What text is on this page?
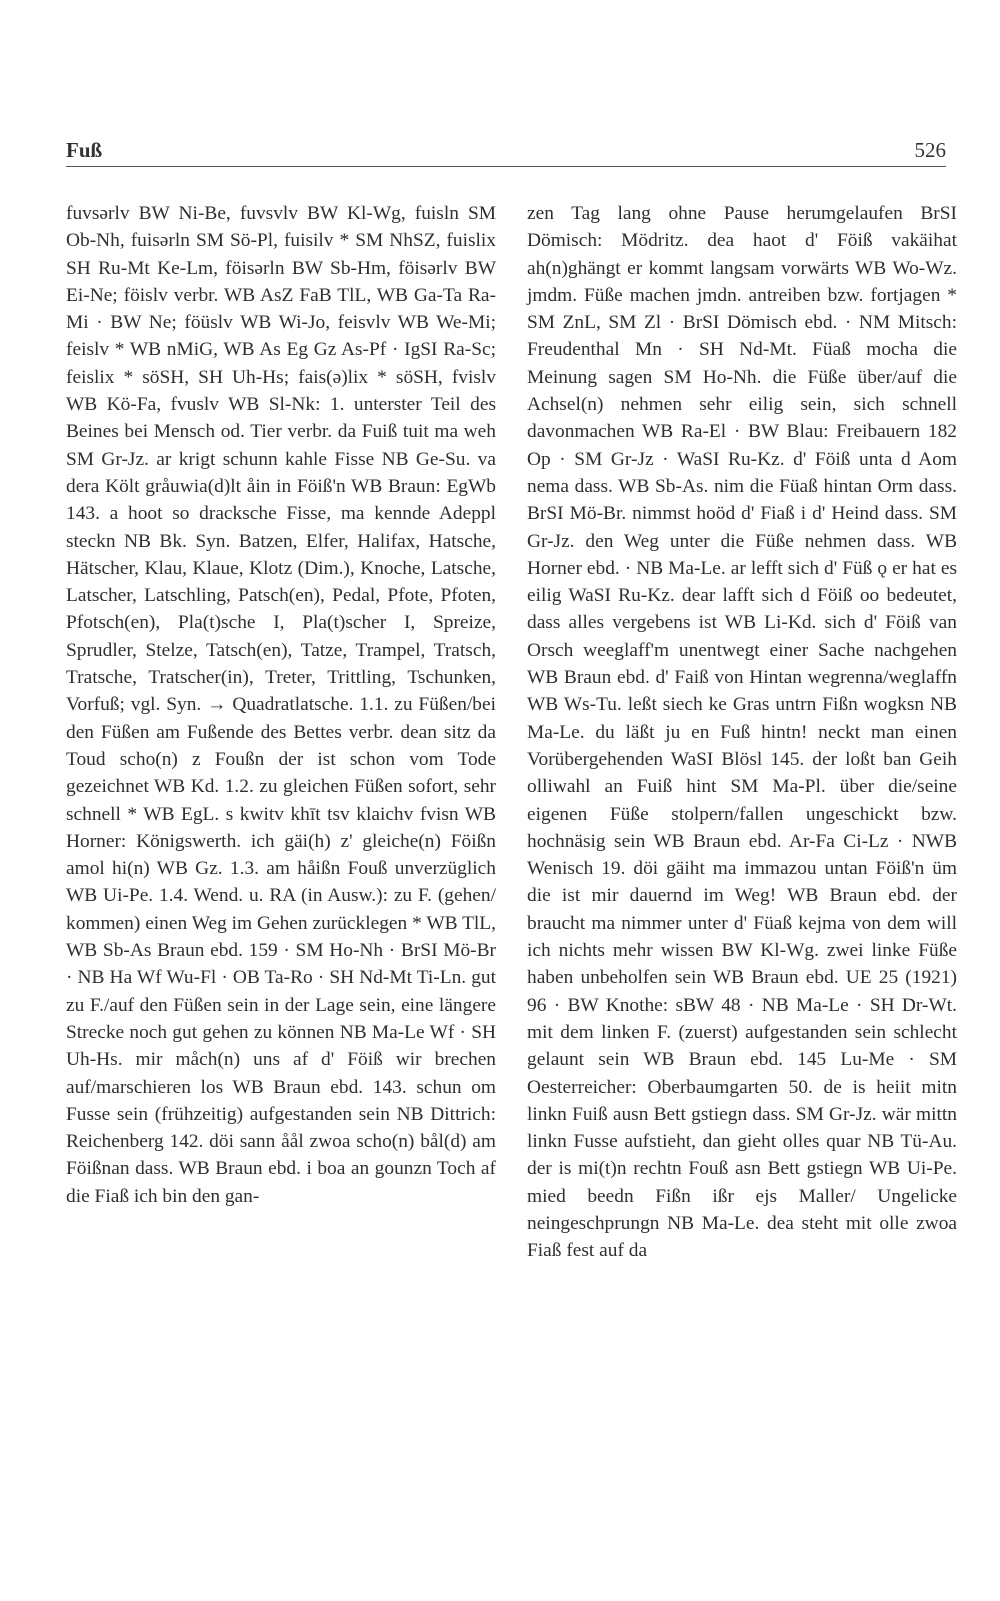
Fuß	526

fuvsərlv BW Ni-Be, fuvsvlv BW Kl-Wg, fuisln SM Ob-Nh, fuisərln SM Sö-Pl, fuisilv * SM NhSZ, fuislix SH Ru-Mt Ke-Lm, föisərln BW Sb-Hm, föisərlv BW Ei-Ne; föislv verbr. WB AsZ FaB TlL, WB Ga-Ta Ra-Mi · BW Ne; föüslv WB Wi-Jo, feisvlv WB We-Mi; feislv * WB nMiG, WB As Eg Gz As-Pf · IgSI Ra-Sc; feislix * söSH, SH Uh-Hs; fais(ə)lix * söSH, fvislv WB Kö-Fa, fvuslv WB Sl-Nk: 1. unterster Teil des Beines bei Mensch od. Tier verbr. da Fuiß tuit ma weh SM Gr-Jz. ar krigt schunn kahle Fisse NB Ge-Su. va dera Költ gråuwia(d)lt åin in Föiß'n WB Braun: EgWb 143. a hoot so dracksche Fisse, ma kennde Adeppl steckn NB Bk. Syn. Batzen, Elfer, Halifax, Hatsche, Hätscher, Klau, Klaue, Klotz (Dim.), Knoche, Latsche, Latscher, Latschling, Patsch(en), Pedal, Pfote, Pfoten, Pfotsch(en), Pla(t)sche I, Pla(t)scher I, Spreize, Sprudler, Stelze, Tatsch(en), Tatze, Trampel, Tratsch, Tratsche, Tratscher(in), Treter, Trittling, Tschunken, Vorfuß; vgl. Syn. → Quadratlatsche. 1.1. zu Füßen/bei den Füßen am Fußende des Bettes verbr. dean sitz da Toud scho(n) z Foußn der ist schon vom Tode gezeichnet WB Kd. 1.2. zu gleichen Füßen sofort, sehr schnell * WB EgL. s kwitv khīt tsv klaichv fvisn WB Horner: Königswerth. ich gäi(h) z' gleiche(n) Föißn amol hi(n) WB Gz. 1.3. am håißn Fouß unverzüglich WB Ui-Pe. 1.4. Wend. u. RA (in Ausw.): zu F. (gehen/ kommen) einen Weg im Gehen zurücklegen * WB TlL, WB Sb-As Braun ebd. 159 · SM Ho-Nh · BrSI Mö-Br · NB Ha Wf Wu-Fl · OB Ta-Ro · SH Nd-Mt Ti-Ln. gut zu F./auf den Füßen sein in der Lage sein, eine längere Strecke noch gut gehen zu können NB Ma-Le Wf · SH Uh-Hs. mir måch(n) uns af d' Föiß wir brechen auf/marschieren los WB Braun ebd. 143. schun om Fusse sein (frühzeitig) aufgestanden sein NB Dittrich: Reichenberg 142. döi sann åål zwoa scho(n) bål(d) am Föißnan dass. WB Braun ebd. i boa an gounzn Toch af die Fiaß ich bin den gan-

zen Tag lang ohne Pause herumgelaufen BrSI Dömisch: Mödritz. dea haot d' Föiß vakäihat ah(n)ghängt er kommt langsam vorwärts WB Wo-Wz. jmdm. Füße machen jmdn. antreiben bzw. fortjagen * SM ZnL, SM Zl · BrSI Dömisch ebd. · NM Mitsch: Freudenthal Mn · SH Nd-Mt. Füaß mocha die Meinung sagen SM Ho-Nh. die Füße über/auf die Achsel(n) nehmen sehr eilig sein, sich schnell davonmachen WB Ra-El · BW Blau: Freibauern 182 Op · SM Gr-Jz · WaSI Ru-Kz. d' Föiß unta d Aom nema dass. WB Sb-As. nim die Füaß hintan Orm dass. BrSI Mö-Br. nimmst hoöd d' Fiaß i d' Heind dass. SM Gr-Jz. den Weg unter die Füße nehmen dass. WB Horner ebd. · NB Ma-Le. ar lefft sich d' Füß ǫ er hat es eilig WaSI Ru-Kz. dear lafft sich d Föiß oo bedeutet, dass alles vergebens ist WB Li-Kd. sich d' Föiß van Orsch weeglaff'm unentwegt einer Sache nachgehen WB Braun ebd. d' Faiß von Hintan wegrenna/weglaffn WB Ws-Tu. leßt siech ke Gras untrn Fißn wogksn NB Ma-Le. du läßt ju en Fuß hintn! neckt man einen Vorübergehenden WaSI Blösl 145. der loßt ban Geih olliwahl an Fuiß hint SM Ma-Pl. über die/seine eigenen Füße stolpern/fallen ungeschickt bzw. hochnäsig sein WB Braun ebd. Ar-Fa Ci-Lz · NWB Wenisch 19. döi gäiht ma immazou untan Föiß'n üm die ist mir dauernd im Weg! WB Braun ebd. der braucht ma nimmer unter d' Füaß kejma von dem will ich nichts mehr wissen BW Kl-Wg. zwei linke Füße haben unbeholfen sein WB Braun ebd. UE 25 (1921) 96 · BW Knothe: sBW 48 · NB Ma-Le · SH Dr-Wt. mit dem linken F. (zuerst) aufgestanden sein schlecht gelaunt sein WB Braun ebd. 145 Lu-Me · SM Oesterreicher: Oberbaumgarten 50. de is heiit mitn linkn Fuiß ausn Bett gstiegn dass. SM Gr-Jz. wär mittn linkn Fusse aufstieht, dan gieht olles quar NB Tü-Au. der is mi(t)n rechtn Fouß asn Bett gstiegn WB Ui-Pe. mied beedn Fißn ißr ejs Maller/ Ungelicke neingeschprungn NB Ma-Le. dea steht mit olle zwoa Fiaß fest auf da
